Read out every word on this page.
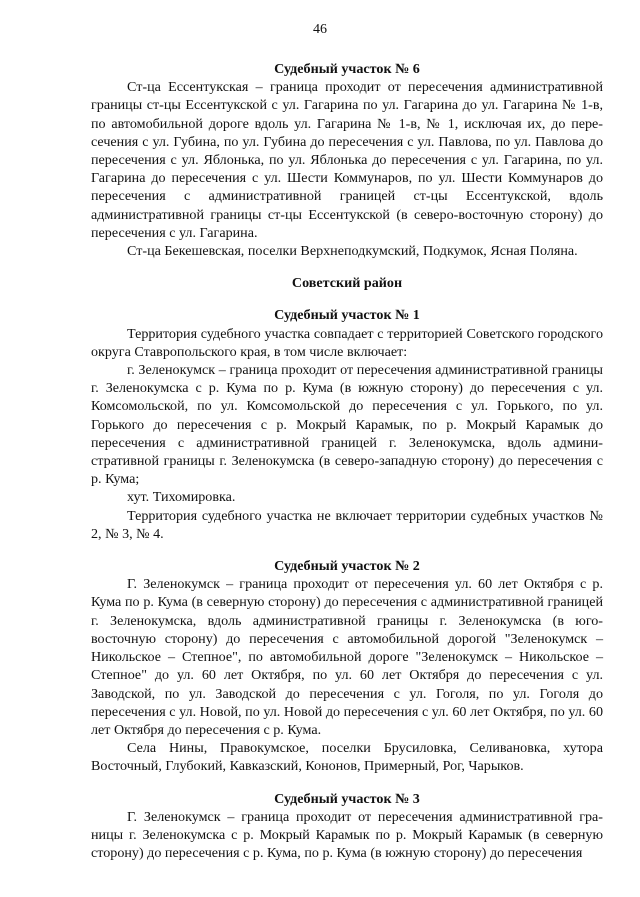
46

Судебный участок № 6

Ст-ца Ессентукская – граница проходит от пересечения административной границы ст-цы Ессентукской с ул. Гагарина по ул. Гагарина до ул. Гагарина № 1-в, по автомобильной дороге вдоль ул. Гагарина № 1-в, № 1, исключая их, до пересечения с ул. Губина, по ул. Губина до пересечения с ул. Павлова, по ул. Павлова до пересечения с ул. Яблонька, по ул. Яблонька до пересечения с ул. Гагарина, по ул. Гагарина до пересечения с ул. Шести Коммунаров, по ул. Шести Коммунаров до пересечения с административной границей ст-цы Ессентукской, вдоль административной границы ст-цы Ессентукской (в северо-восточную сторону) до пересечения с ул. Гагарина.

Ст-ца Бекешевская, поселки Верхнеподкумский, Подкумок, Ясная Поляна.

Советский район

Судебный участок № 1

Территория судебного участка совпадает с территорией Советского городского округа Ставропольского края, в том числе включает:

г. Зеленокумск – граница проходит от пересечения административной границы г. Зеленокумска с р. Кума по р. Кума (в южную сторону) до пересечения с ул. Комсомольской, по ул. Комсомольской до пересечения с ул. Горького, по ул. Горького до пересечения с р. Мокрый Карамык, по р. Мокрый Карамык до пересечения с административной границей г. Зеленокумска, вдоль административной границы г. Зеленокумска (в северо-западную сторону) до пересечения с р. Кума;

хут. Тихомировка.

Территория судебного участка не включает территории судебных участков № 2, № 3, № 4.

Судебный участок № 2

Г. Зеленокумск – граница проходит от пересечения ул. 60 лет Октября с р. Кума по р. Кума (в северную сторону) до пересечения с административной границей г. Зеленокумска, вдоль административной границы г. Зеленокумска (в юго-восточную сторону) до пересечения с автомобильной дорогой "Зеленокумск – Никольское – Степное", по автомобильной дороге "Зеленокумск – Никольское – Степное" до ул. 60 лет Октября, по ул. 60 лет Октября до пересечения с ул. Заводской, по ул. Заводской до пересечения с ул. Гоголя, по ул. Гоголя до пересечения с ул. Новой, по ул. Новой до пересечения с ул. 60 лет Октября, по ул. 60 лет Октября до пересечения с р. Кума.

Села Нины, Правокумское, поселки Брусиловка, Селивановка, хутора Восточный, Глубокий, Кавказский, Кононов, Примерный, Рог, Чарыков.

Судебный участок № 3

Г. Зеленокумск – граница проходит от пересечения административной границы г. Зеленокумска с р. Мокрый Карамык по р. Мокрый Карамык (в северную сторону) до пересечения с р. Кума, по р. Кума (в южную сторону) до пересечения
